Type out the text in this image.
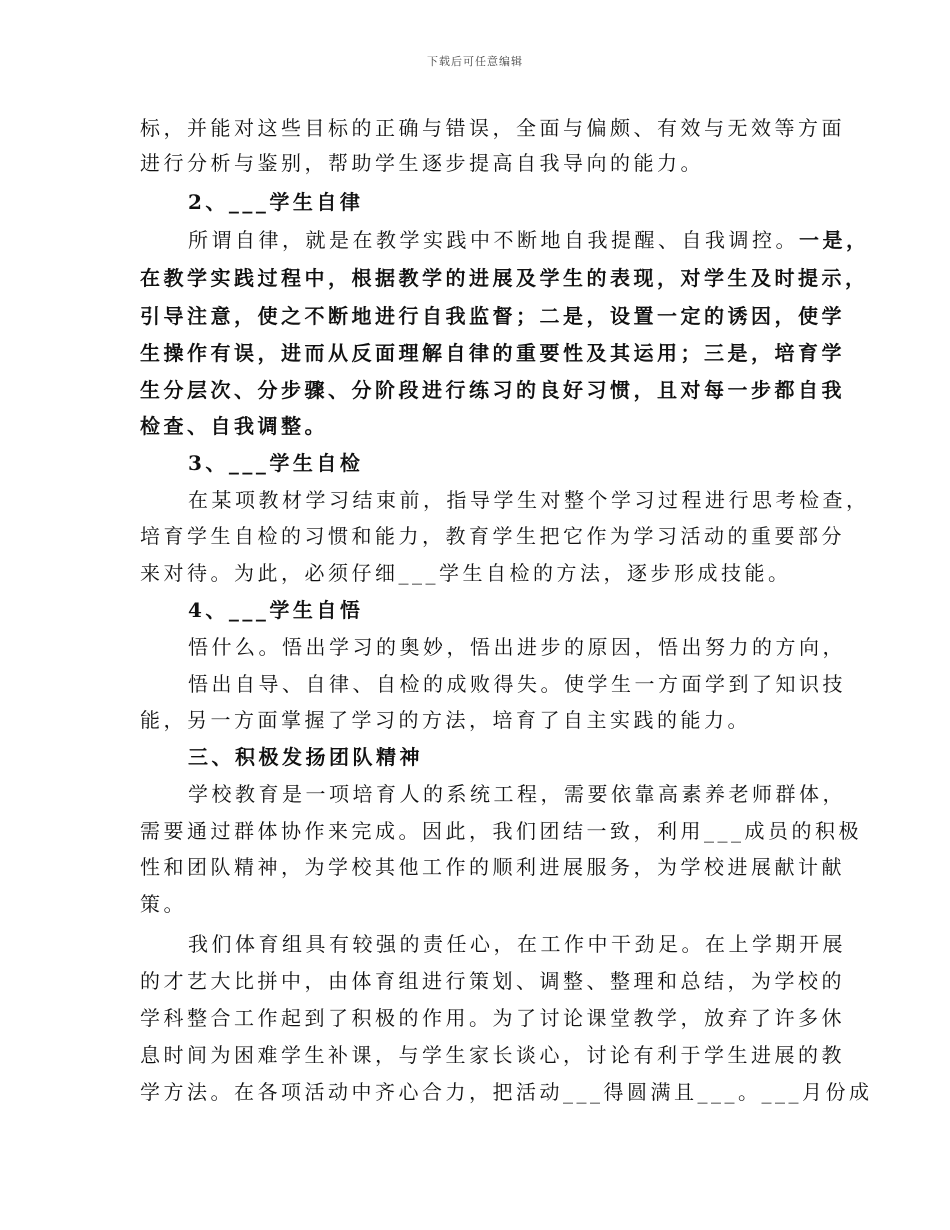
下载后可任意编辑
标，并能对这些目标的正确与错误，全面与偏颇、有效与无效等方面
进行分析与鉴别，帮助学生逐步提高自我导向的能力。
2、___学生自律
所谓自律，就是在教学实践中不断地自我提醒、自我调控。一是，
在教学实践过程中，根据教学的进展及学生的表现，对学生及时提示，
引导注意，使之不断地进行自我监督；二是，设置一定的诱因，使学
生操作有误，进而从反面理解自律的重要性及其运用；三是，培育学
生分层次、分步骤、分阶段进行练习的良好习惯，且对每一步都自我
检查、自我调整。
3、___学生自检
在某项教材学习结束前，指导学生对整个学习过程进行思考检查，
培育学生自检的习惯和能力，教育学生把它作为学习活动的重要部分
来对待。为此，必须仔细___学生自检的方法，逐步形成技能。
4、___学生自悟
悟什么。悟出学习的奥妙，悟出进步的原因，悟出努力的方向，
悟出自导、自律、自检的成败得失。使学生一方面学到了知识技
能，另一方面掌握了学习的方法，培育了自主实践的能力。
三、积极发扬团队精神
学校教育是一项培育人的系统工程，需要依靠高素养老师群体，
需要通过群体协作来完成。因此，我们团结一致，利用___成员的积极
性和团队精神，为学校其他工作的顺利进展服务，为学校进展献计献
策。
我们体育组具有较强的责任心，在工作中干劲足。在上学期开展
的才艺大比拼中，由体育组进行策划、调整、整理和总结，为学校的
学科整合工作起到了积极的作用。为了讨论课堂教学，放弃了许多休
息时间为困难学生补课，与学生家长谈心，讨论有利于学生进展的教
学方法。在各项活动中齐心合力，把活动___得圆满且___。___月份成
